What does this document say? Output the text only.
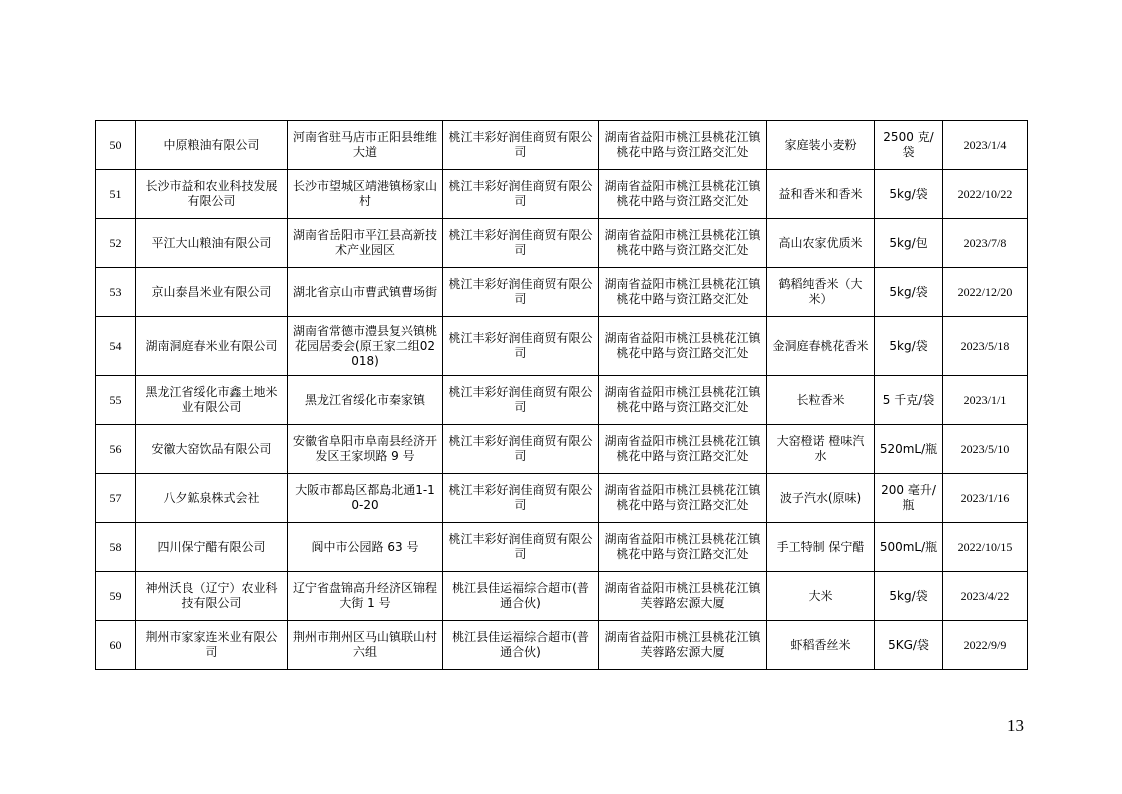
50	中原粮油有限公司	河南省驻马店市正阳县维维大道	桃江丰彩好润佳商贸有限公司	湖南省益阳市桃江县桃花江镇桃花中路与资江路交汇处	家庭装小麦粉	2500 克/袋	2023/1/4
51	长沙市益和农业科技发展有限公司	长沙市望城区靖港镇杨家山村	桃江丰彩好润佳商贸有限公司	湖南省益阳市桃江县桃花江镇桃花中路与资江路交汇处	益和香米和香米	5kg/袋	2022/10/22
52	平江大山粮油有限公司	湖南省岳阳市平江县高新技术产业园区	桃江丰彩好润佳商贸有限公司	湖南省益阳市桃江县桃花江镇桃花中路与资江路交汇处	高山农家优质米	5kg/包	2023/7/8
53	京山泰昌米业有限公司	湖北省京山市曹武镇曹场街	桃江丰彩好润佳商贸有限公司	湖南省益阳市桃江县桃花江镇桃花中路与资江路交汇处	鹤稻纯香米（大米）	5kg/袋	2022/12/20
54	湖南洞庭春米业有限公司	湖南省常德市澧县复兴镇桃花园居委会(原王家二组02018)	桃江丰彩好润佳商贸有限公司	湖南省益阳市桃江县桃花江镇桃花中路与资江路交汇处	金洞庭春桃花香米	5kg/袋	2023/5/18
55	黑龙江省绥化市鑫土地米业有限公司	黑龙江省绥化市秦家镇	桃江丰彩好润佳商贸有限公司	湖南省益阳市桃江县桃花江镇桃花中路与资江路交汇处	长粒香米	5 千克/袋	2023/1/1
56	安徽大窑饮品有限公司	安徽省阜阳市阜南县经济开发区王家坝路 9 号	桃江丰彩好润佳商贸有限公司	湖南省益阳市桃江县桃花江镇桃花中路与资江路交汇处	大窑橙诺 橙味汽水	520mL/瓶	2023/5/10
57	八夕鉱泉株式会社	大阪市都島区都島北通1-10-20	桃江丰彩好润佳商贸有限公司	湖南省益阳市桃江县桃花江镇桃花中路与资江路交汇处	波子汽水(原味)	200 毫升/瓶	2023/1/16
58	四川保宁醋有限公司	阆中市公园路 63 号	桃江丰彩好润佳商贸有限公司	湖南省益阳市桃江县桃花江镇桃花中路与资江路交汇处	手工特制 保宁醋	500mL/瓶	2022/10/15
59	神州沃良（辽宁）农业科技有限公司	辽宁省盘锦高升经济区锦程大街 1 号	桃江县佳运福综合超市(普通合伙)	湖南省益阳市桃江县桃花江镇芙蓉路宏源大厦	大米	5kg/袋	2023/4/22
60	荆州市家家连米业有限公司	荆州市荆州区马山镇联山村六组	桃江县佳运福综合超市(普通合伙)	湖南省益阳市桃江县桃花江镇芙蓉路宏源大厦	虾稻香丝米	5KG/袋	2022/9/9
13
